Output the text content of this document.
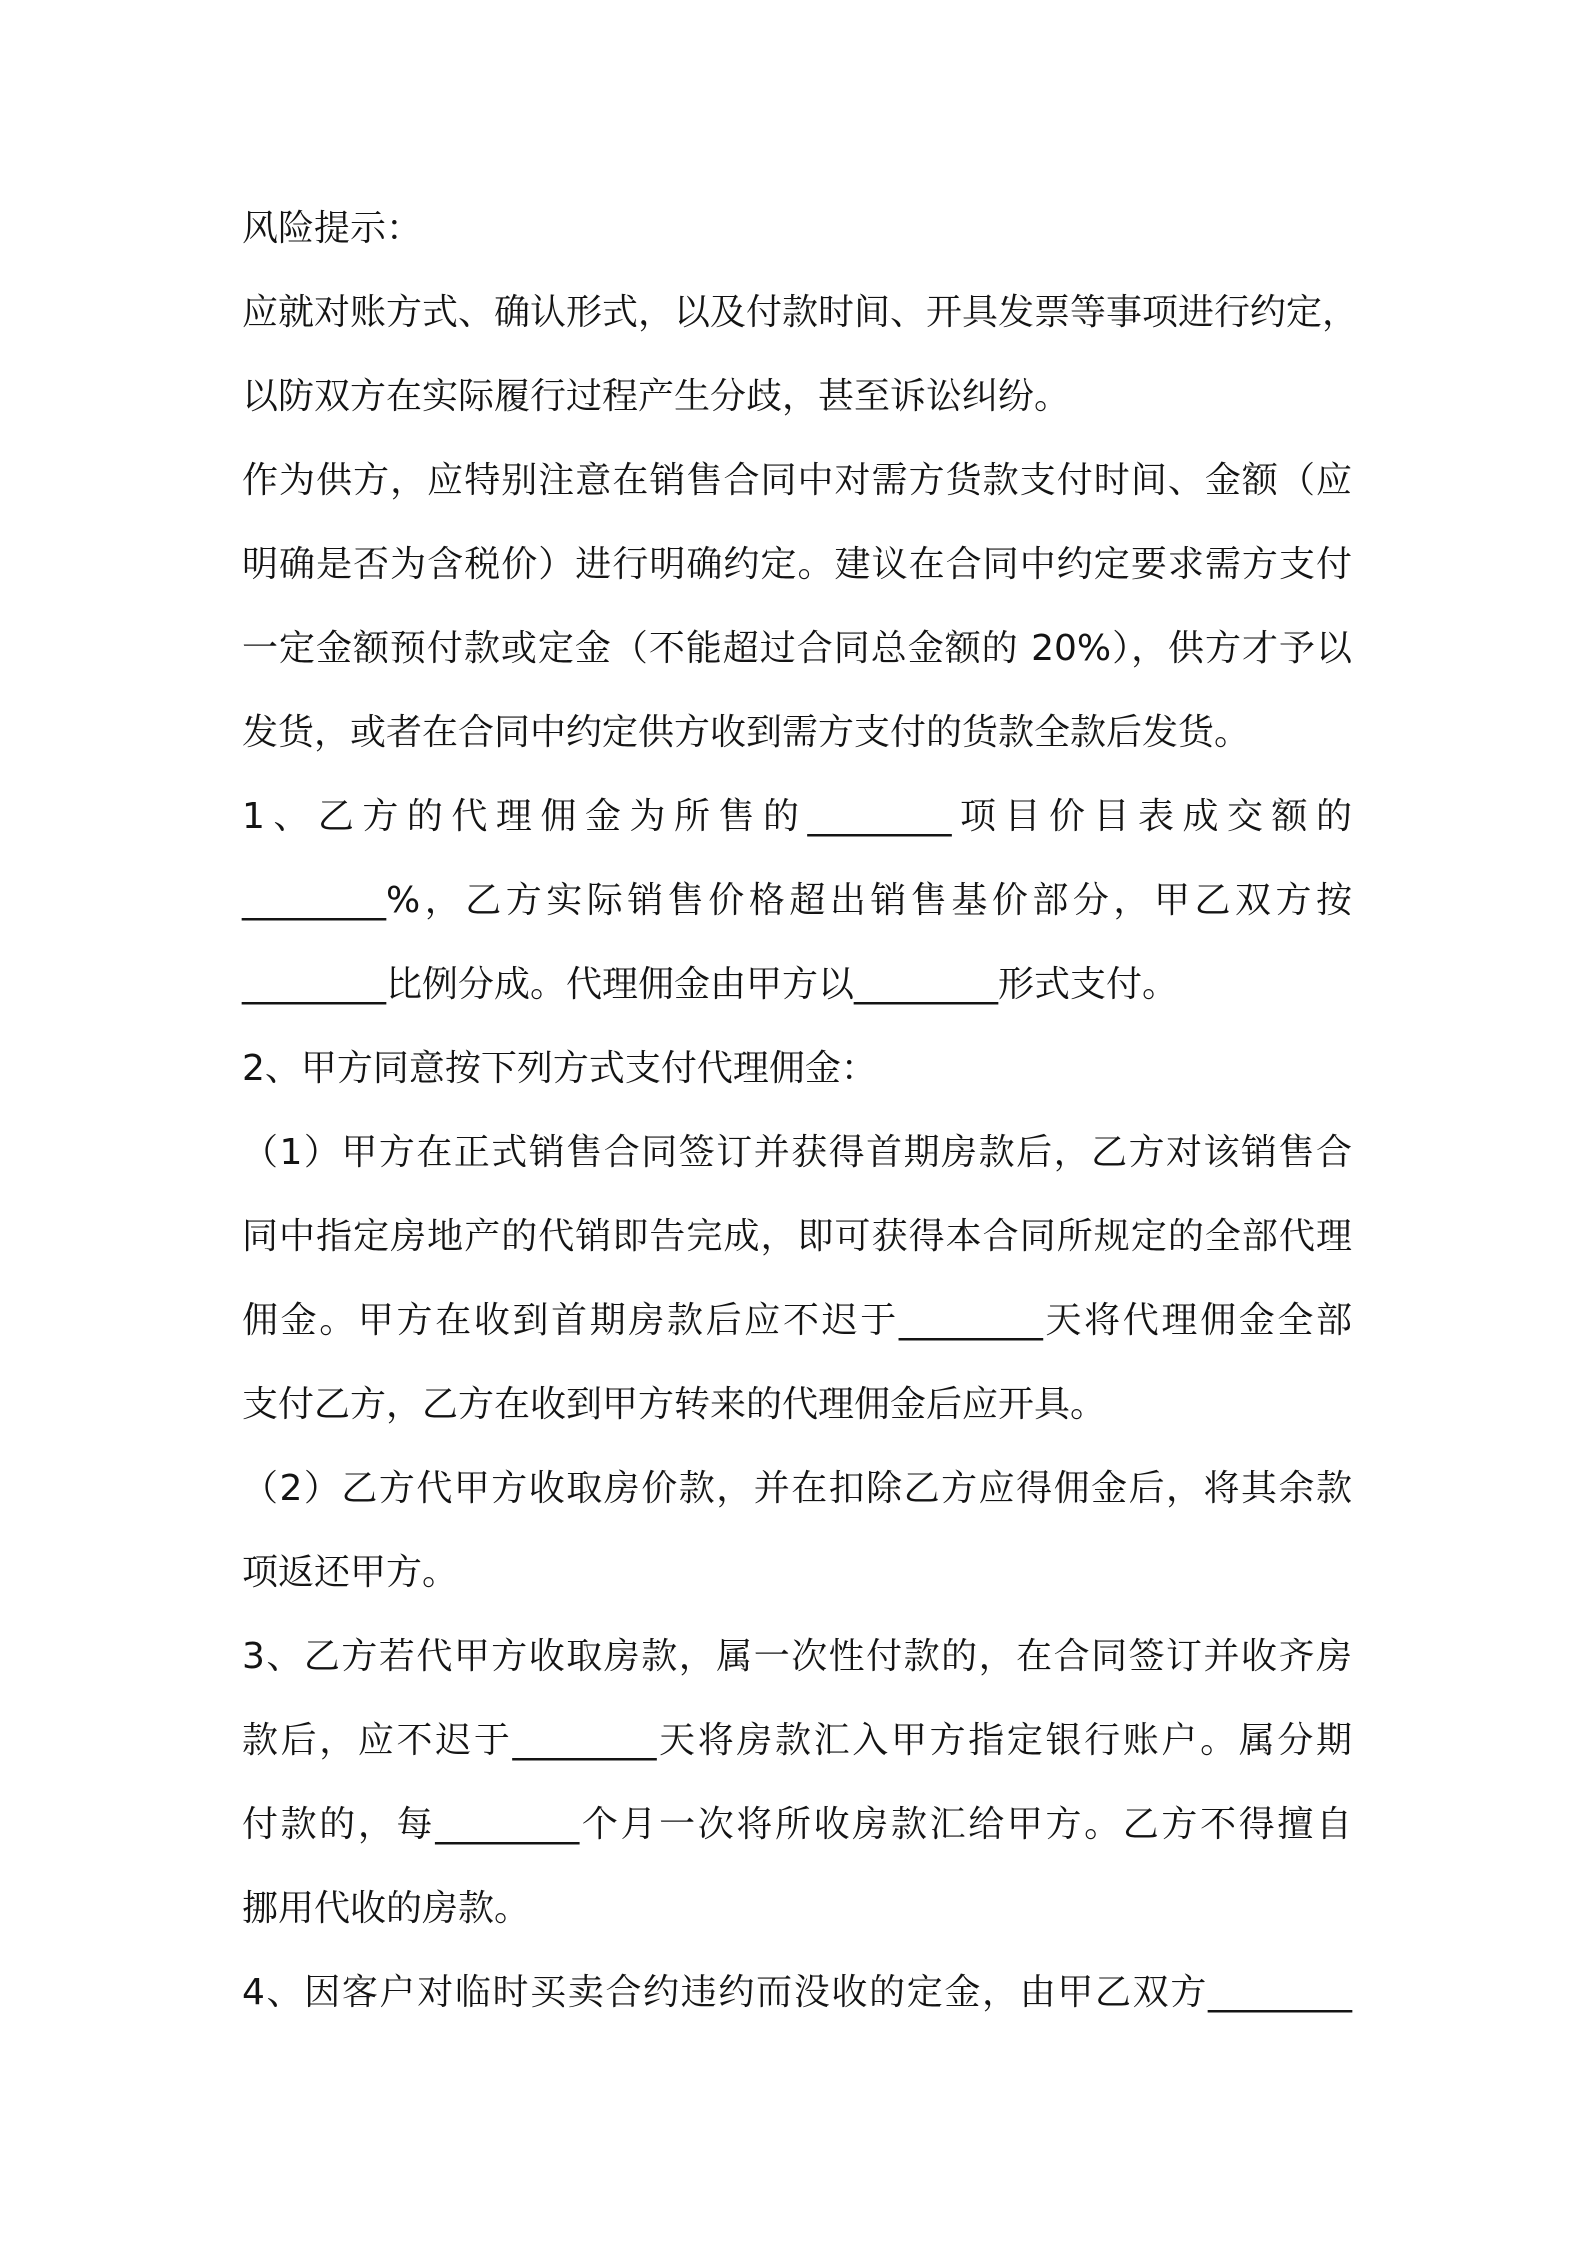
风险提示：
应就对账方式、确认形式，以及付款时间、开具发票等事项进行约定，
以防双方在实际履行过程产生分歧，甚至诉讼纠纷。
作为供方，应特别注意在销售合同中对需方货款支付时间、金额（应
明确是否为含税价）进行明确约定。建议在合同中约定要求需方支付
一定金额预付款或定金（不能超过合同总金额的 20%），供方才予以
发货，或者在合同中约定供方收到需方支付的货款全款后发货。
1、乙方的代理佣金为所售的________项目价目表成交额的
________%，乙方实际销售价格超出销售基价部分，甲乙双方按
________比例分成。代理佣金由甲方以________形式支付。
2、甲方同意按下列方式支付代理佣金：
（1）甲方在正式销售合同签订并获得首期房款后，乙方对该销售合
同中指定房地产的代销即告完成，即可获得本合同所规定的全部代理
佣金。甲方在收到首期房款后应不迟于________天将代理佣金全部
支付乙方，乙方在收到甲方转来的代理佣金后应开具。
（2）乙方代甲方收取房价款，并在扣除乙方应得佣金后，将其余款
项返还甲方。
3、乙方若代甲方收取房款，属一次性付款的，在合同签订并收齐房
款后，应不迟于________天将房款汇入甲方指定银行账户。属分期
付款的，每________个月一次将所收房款汇给甲方。乙方不得擅自
挪用代收的房款。
4、因客户对临时买卖合约违约而没收的定金，由甲乙双方________
